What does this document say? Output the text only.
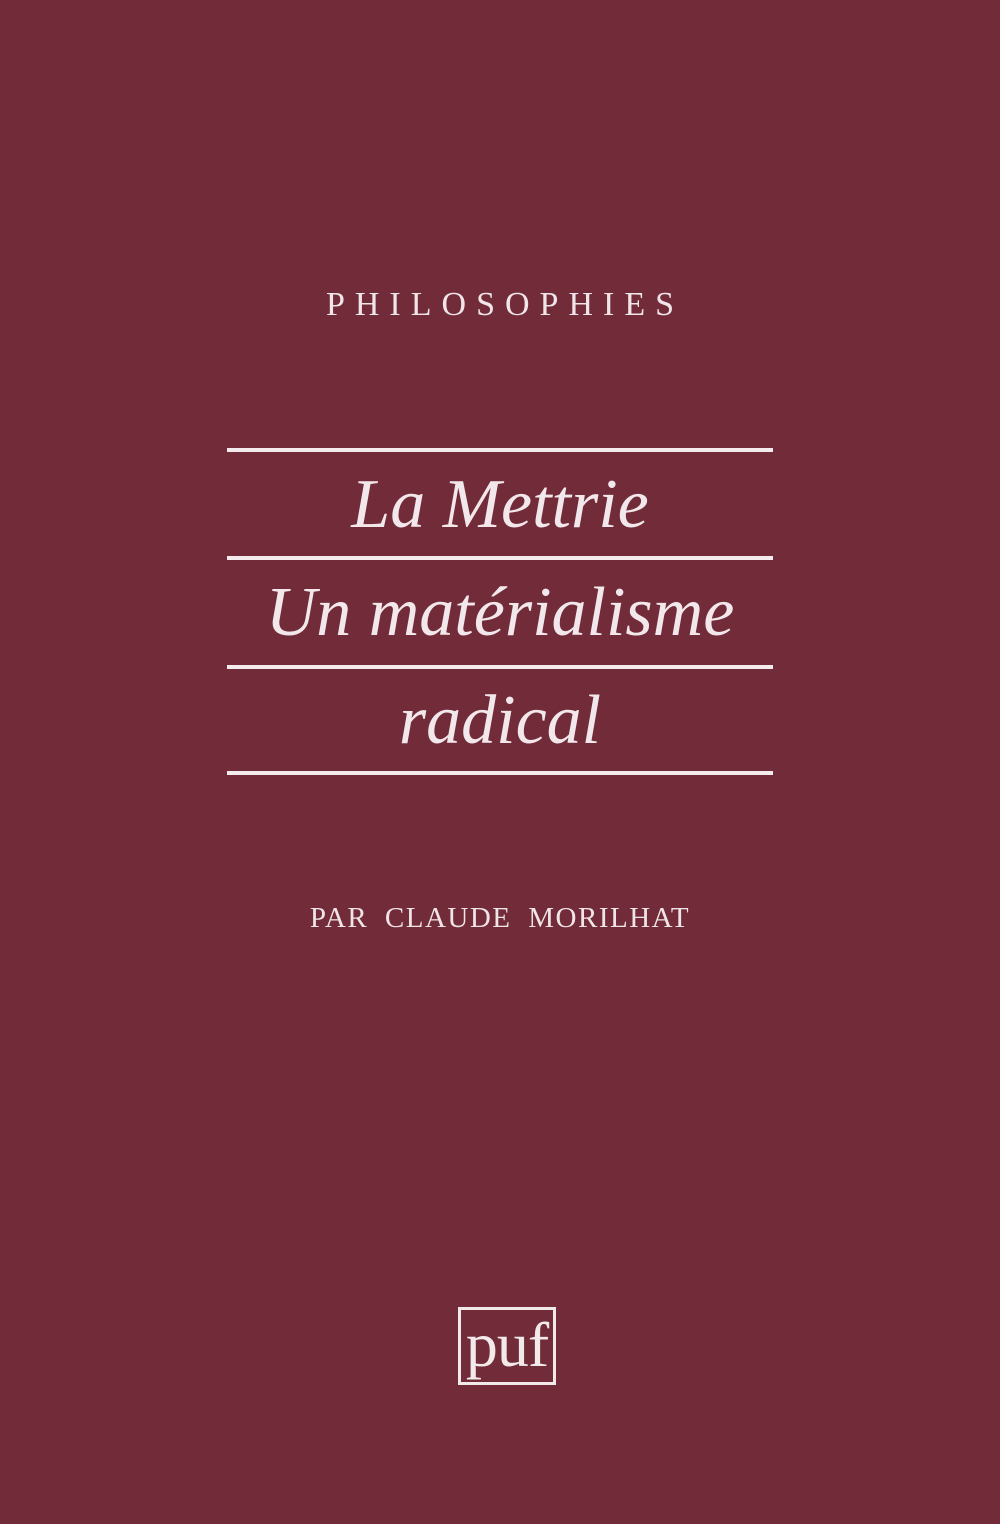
PHILOSOPHIES
La Mettrie
Un matérialisme
radical
PAR CLAUDE MORILHAT
puf
